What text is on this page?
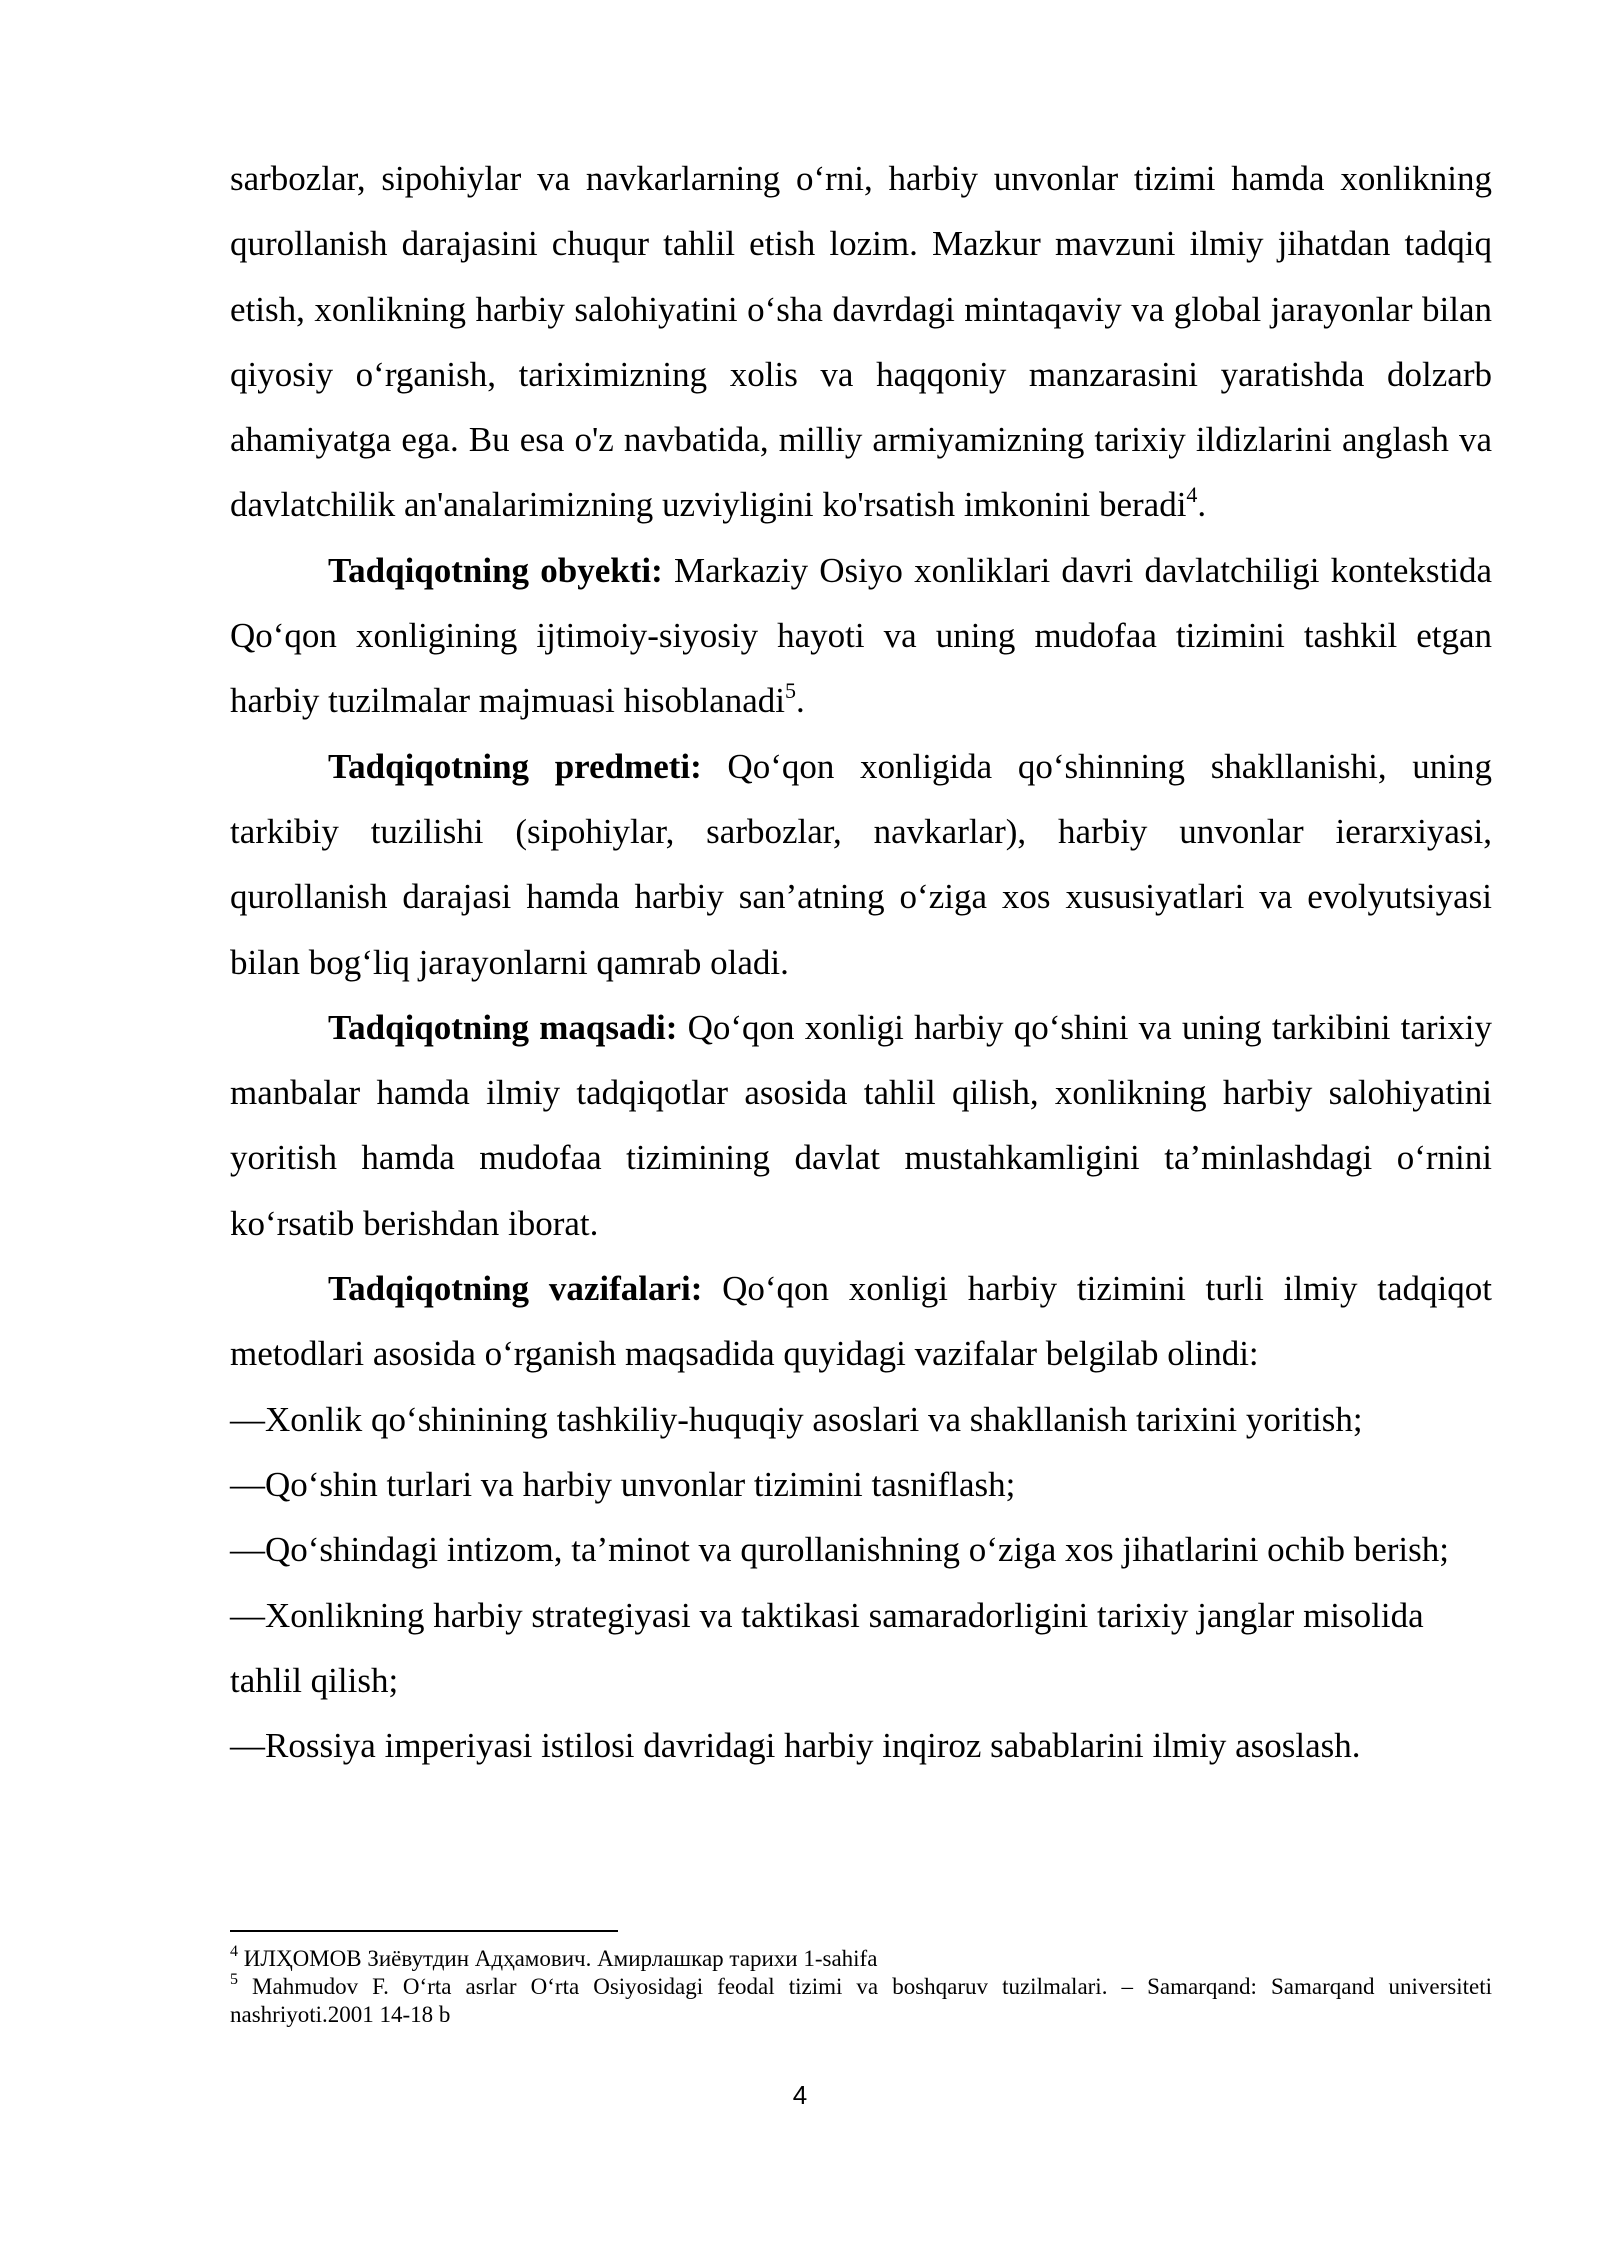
sarbozlar, sipohiylar va navkarlarning o‘rni, harbiy unvonlar tizimi hamda xonlikning qurollanish darajasini chuqur tahlil etish lozim. Mazkur mavzuni ilmiy jihatdan tadqiq etish, xonlikning harbiy salohiyatini o‘sha davrdagi mintaqaviy va global jarayonlar bilan qiyosiy o‘rganish, tariximizning xolis va haqqoniy manzarasini yaratishda dolzarb ahamiyatga ega. Bu esa o'z navbatida, milliy armiyamizning tarixiy ildizlarini anglash va davlatchilik an'analarimizning uzviyligini ko'rsatish imkonini beradi$^4$.

Tadqiqotning obyekti: Markaziy Osiyo xonliklari davri davlatchiligi kontekstida Qo‘qon xonligining ijtimoiy-siyosiy hayoti va uning mudofaa tizimini tashkil etgan harbiy tuzilmalar majmuasi hisoblanadi$^5$.

Tadqiqotning predmeti: Qo‘qon xonligida qo‘shinning shakllanishi, uning tarkibiy tuzilishi (sipohiylar, sarbozlar, navkarlar), harbiy unvonlar ierarxiyasi, qurollanish darajasi hamda harbiy san’atning o‘ziga xos xususiyatlari va evolyutsiyasi bilan bog‘liq jarayonlarni qamrab oladi.

Tadqiqotning maqsadi: Qo‘qon xonligi harbiy qo‘shini va uning tarkibini tarixiy manbalar hamda ilmiy tadqiqotlar asosida tahlil qilish, xonlikning harbiy salohiyatini yoritish hamda mudofaa tizimining davlat mustahkamligini ta’minlashdagi o‘rnini ko‘rsatib berishdan iborat.

Tadqiqotning vazifalari: Qo‘qon xonligi harbiy tizimini turli ilmiy tadqiqot metodlari asosida o‘rganish maqsadida quyidagi vazifalar belgilab olindi:

—Xonlik qo‘shinining tashkiliy-huquqiy asoslari va shakllanish tarixini yoritish;

—Qo‘shin turlari va harbiy unvonlar tizimini tasniflash;

—Qo‘shindagi intizom, ta’minot va qurollanishning o‘ziga xos jihatlarini ochib berish;

—Xonlikning harbiy strategiyasi va taktikasi samaradorligini tarixiy janglar misolida tahlil qilish;

—Rossiya imperiyasi istilosi davridagi harbiy inqiroz sabablarini ilmiy asoslash.

$^4$ ИЛҲОМОВ Зиёвутдин Адҳамович. Амирлашкар тарихи 1-sahifa

$^5$ Mahmudov F. O‘rta asrlar O‘rta Osiyosidagi feodal tizimi va boshqaruv tuzilmalari. – Samarqand: Samarqand universiteti nashriyoti.2001 14-18 b

4
